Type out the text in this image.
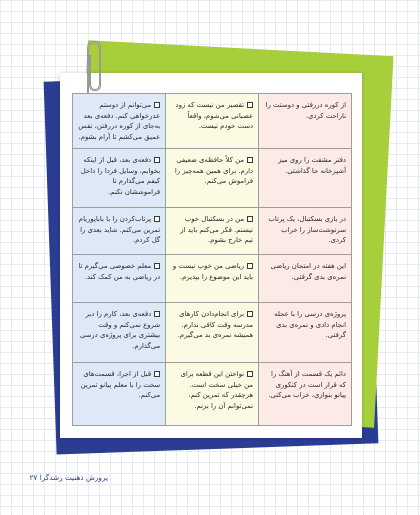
از کوره دررفتی و دوستت را ناراحت کردی.	تقصیر من نیست که زود عصبانی می‌شوم، واقعاً دست خودم نیست.	می‌توانم از دوستم عذرخواهی کنم. دفعه‌ی بعد به‌جای از کوره دررفتن، نفس عمیق می‌کشم تا آرام بشوم.
دفتر مشقت را روی میز آشپزخانه جا گذاشتی.	من کلاً حافظه‌ی ضعیفی دارم. برای همین همه‌چیز را فراموش می‌کنم.	دفعه‌ی بعد، قبل از اینکه بخوابم، وسایل فردا را داخل کیفم می‌گذارم تا فراموششان نکنم.
در بازی بسکتبال، یک پرتاب سرنوشت‌ساز را خراب کردی.	من در بسکتبال خوب نیستم. فکر می‌کنم باید از تیم خارج بشوم.	پرتاب‌کردن را با باباپوریام تمرین می‌کنم. شاید بعدی را گل کردم.
این هفته در امتحان ریاضی نمره‌ی بدی گرفتی.	ریاضی من خوب نیست و باید این موضوع را بپذیرم.	معلم خصوصی می‌گیرم تا در ریاضی به من کمک کند.
پروژه‌ی درسی را با عجله انجام دادی و نمره‌ی بدی گرفتی.	برای انجام‌دادن کارهای مدرسه وقت کافی ندارم. همیشه نمره‌ی بد می‌گیرم.	دفعه‌ی بعد، کارم را دیر شروع نمی‌کنم و وقت بیشتری برای پروژه‌ی درسی می‌گذارم.
دائم یک قسمت از آهنگ را که قرار است در کنکوری پیانو بنوازی، خراب می‌کنی.	نواختن این قطعه برای من خیلی سخت است. هرچقدر که تمرین کنم، نمی‌توانم آن را بزنم.	قبل از اجرا، قسمت‌های سخت را با معلم پیانو تمرین می‌کنم.
پرورش ذهنیت رشدگرا ۲۷
